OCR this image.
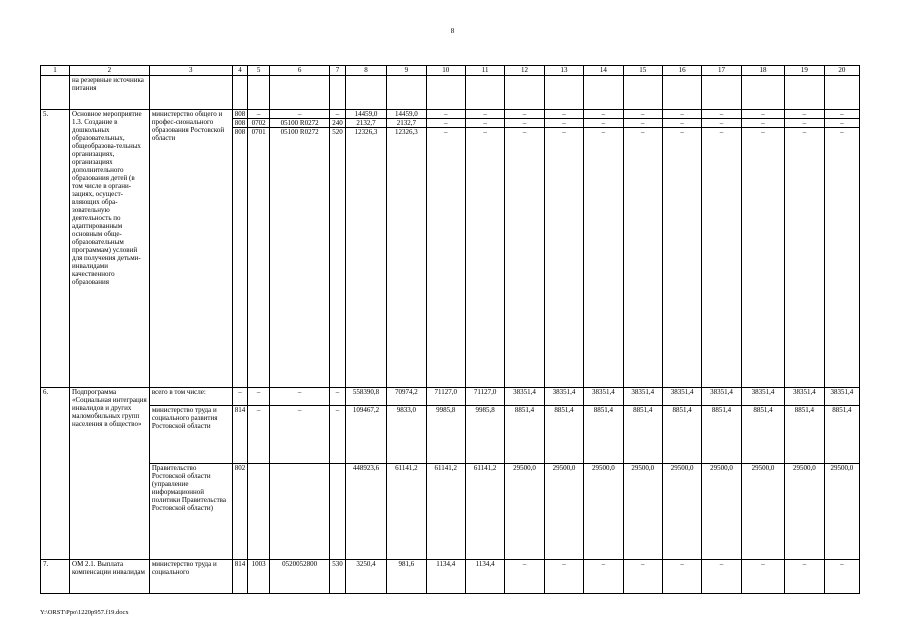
8
1	2	3	4	5	6	7	8	9	10	11	12	13	14	15	16	17	18	19	20
	на резервные источника питания																		
5.	Основное мероприятие 1.3. Создание в дошкольных образовательных, общеобразова-тельных организациях, организациях дополнительного образования детей (в том числе в органи-зациях, осущест-вляющих обра-зовательную деятельность по адаптированным основным обще-образовательным программам) условий для получения детьми-инвалидами качественного образования	министерство общего и профес-сионального образования Ростовской области	808	–	–	–	14459,0	14459,0	–	–	–	–	–	–	–	–	–	–	–
			808	0702	05100 R0272	240	2132,7	2132,7	–	–	–	–	–	–	–	–	–	–	–
			808	0701	05100 R0272	520	12326,3	12326,3	–	–	–	–	–	–	–	–	–	–	–
6.	Подпрограмма «Социальная интеграция инвалидов и других маломобильных групп населения в общество»	всего в том числе:	–	–	–	–	558390,8	70974,2	71127,0	71127,0	38351,4	38351,4	38351,4	38351,4	38351,4	38351,4	38351,4	38351,4	38351,4
		министерство труда и социального развития Ростовской области	814	–	–	–	109467,2	9833,0	9985,8	9985,8	8851,4	8851,4	8851,4	8851,4	8851,4	8851,4	8851,4	8851,4	8851,4
		Правительство Ростовской области (управление информационной политики Правительства Ростовской области)	802				448923,6	61141,2	61141,2	61141,2	29500,0	29500,0	29500,0	29500,0	29500,0	29500,0	29500,0	29500,0	29500,0
7.	ОМ 2.1. Выплата компенсации инвалидам	министерство труда и социального	814	1003	0520052800	530	3250,4	981,6	1134,4	1134,4	–	–	–	–	–	–	–	–	–
Y:\ORST\Ppo\1220p957.f19.docx
